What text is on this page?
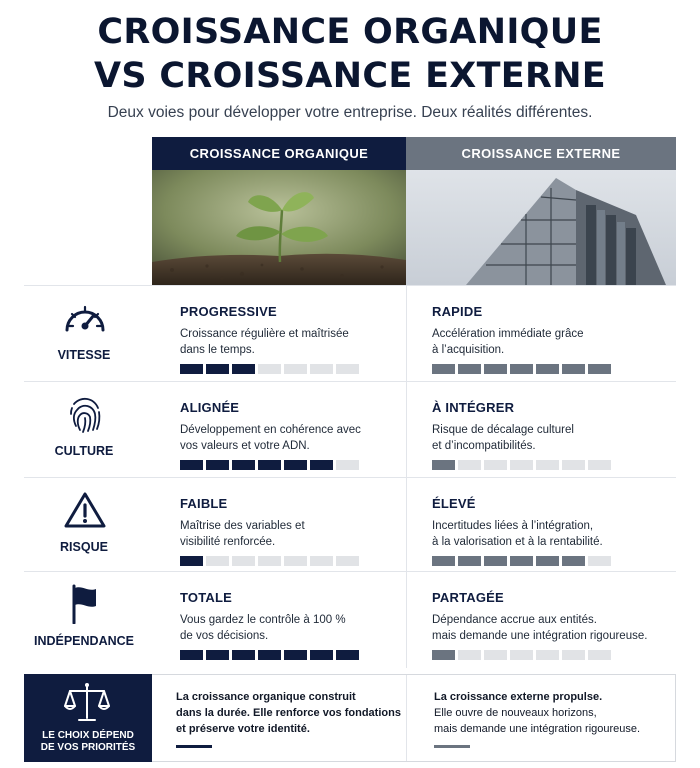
CROISSANCE ORGANIQUE
VS CROISSANCE EXTERNE

Deux voies pour développer votre entreprise. Deux réalités différentes.

CROISSANCE ORGANIQUE	CROISSANCE EXTERNE
VITESSE
PROGRESSIVE
Croissance régulière et maîtrisée
dans le temps.
RAPIDE
Accélération immédiate grâce
à l’acquisition.
CULTURE
ALIGNÉE
Développement en cohérence avec
vos valeurs et votre ADN.
À INTÉGRER
Risque de décalage culturel
et d’incompatibilités.
RISQUE
FAIBLE
Maîtrise des variables et
visibilité renforcée.
ÉLEVÉ
Incertitudes liées à l’intégration,
à la valorisation et à la rentabilité.
INDÉPENDANCE
TOTALE
Vous gardez le contrôle à 100 %
de vos décisions.
PARTAGÉE
Dépendance accrue aux entités.
mais demande une intégration rigoureuse.
LE CHOIX DÉPEND
DE VOS PRIORITÉS
La croissance organique construit
dans la durée. Elle renforce vos fondations
et préserve votre identité.
La croissance externe propulse.
Elle ouvre de nouveaux horizons,
mais demande une intégration rigoureuse.
